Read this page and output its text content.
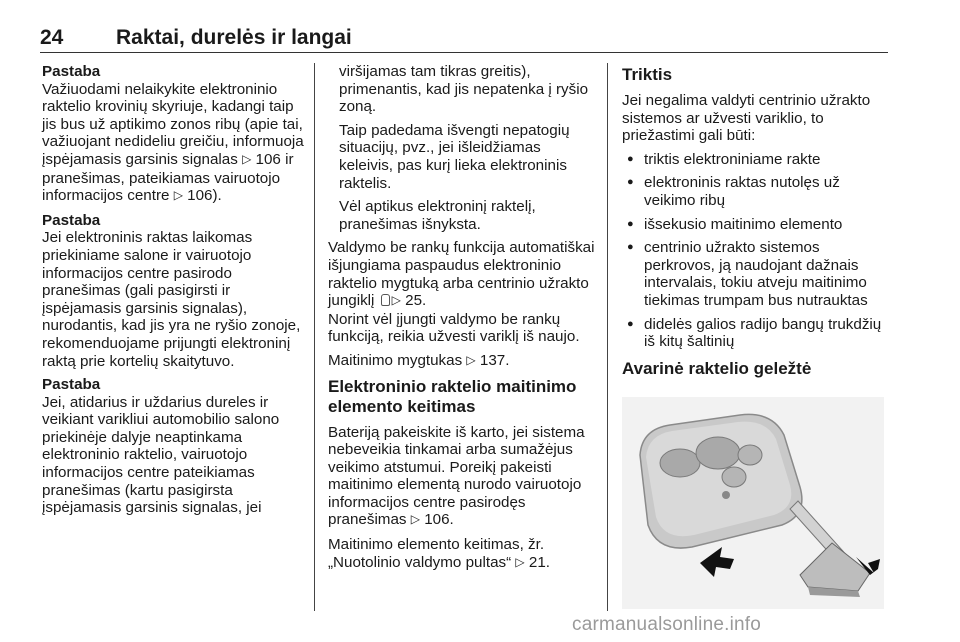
24	Raktai, durelės ir langai
Pastaba
Važiuodami nelaikykite elektroninio raktelio krovinių skyriuje, kadangi taip jis bus už aptikimo zonos ribų (apie tai, važiuojant nedideliu greičiu, informuoja įspėjamasis garsinis signalas ▷ 106 ir pranešimas, pateikiamas vairuotojo informacijos centre ▷ 106).
Pastaba
Jei elektroninis raktas laikomas priekiniame salone ir vairuotojo informacijos centre pasirodo pranešimas (gali pasigirsti ir įspėjamasis garsinis signalas), nurodantis, kad jis yra ne ryšio zonoje, rekomenduojame prijungti elektroninį raktą prie kortelių skaitytuvo.
Pastaba
Jei, atidarius ir uždarius dureles ir veikiant varikliui automobilio salono priekinėje dalyje neaptinkama elektroninio raktelio, vairuotojo informacijos centre pateikiamas pranešimas (kartu pasigirsta įspėjamasis garsinis signalas, jei

viršijamas tam tikras greitis), primenantis, kad jis nepatenka į ryšio zoną.

Taip padedama išvengti nepatogių situacijų, pvz., jei išleidžiamas keleivis, pas kurį lieka elektroninis raktelis.

Vėl aptikus elektroninį raktelį, pranešimas išnyksta.

Valdymo be rankų funkcija automatiškai išjungiama paspaudus elektroninio raktelio mygtuką arba centrinio užrakto jungiklį ▷ 25.
Norint vėl įjungti valdymo be rankų funkciją, reikia užvesti variklį iš naujo.

Maitinimo mygtukas ▷ 137.

Elektroninio raktelio maitinimo elemento keitimas

Bateriją pakeiskite iš karto, jei sistema nebeveikia tinkamai arba sumažėjus veikimo atstumui. Poreikį pakeisti maitinimo elementą nurodo vairuotojo informacijos centre pasirodęs pranešimas ▷ 106.

Maitinimo elemento keitimas, žr. „Nuotolinio valdymo pultas“ ▷ 21.

Triktis

Jei negalima valdyti centrinio užrakto sistemos ar užvesti variklio, to priežastimi gali būti:

● triktis elektroniniame rakte
● elektroninis raktas nutolęs už veikimo ribų
● išsekusio maitinimo elemento
● centrinio užrakto sistemos perkrovos, ją naudojant dažnais intervalais, tokiu atveju maitinimo tiekimas trumpam bus nutrauktas
● didelės galios radijo bangų trukdžių iš kitų šaltinių
Avarinė raktelio geležtė
carmanualsonline.info
